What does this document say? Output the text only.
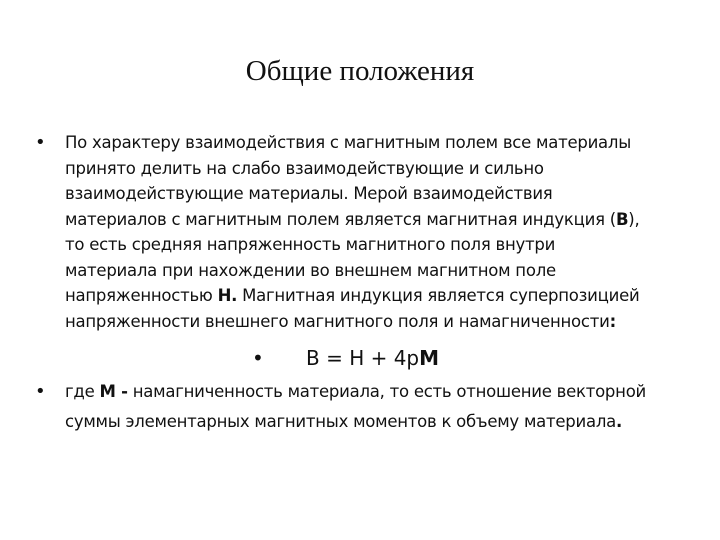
Общие положения
•	По характеру взаимодействия с магнитным полем все материалы
принято делить на слабо взаимодействующие и сильно
взаимодействующие материалы. Мерой взаимодействия
материалов с магнитным полем является магнитная индукция (В),
то есть средняя напряженность магнитного поля внутри
материала при нахождении во внешнем магнитном поле
напряженностью Н. Магнитная индукция является суперпозицией
напряженности внешнего магнитного поля и намагниченности:
• В = Н + 4рМ
•	где М - намагниченность материала, то есть отношение векторной
суммы элементарных магнитных моментов к объему материала.
